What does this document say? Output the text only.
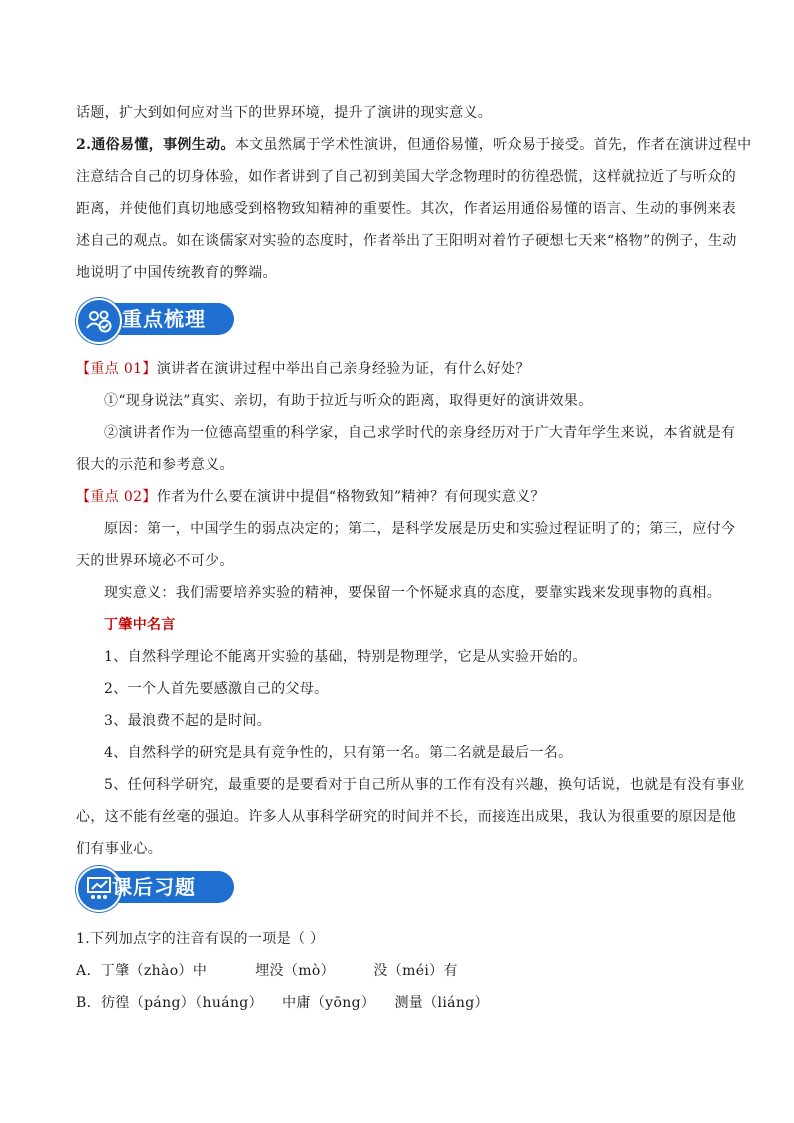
话题，扩大到如何应对当下的世界环境，提升了演讲的现实意义。
2.通俗易懂，事例生动。本文虽然属于学术性演讲，但通俗易懂，听众易于接受。首先，作者在演讲过程中
注意结合自己的切身体验，如作者讲到了自己初到美国大学念物理时的彷徨恐慌，这样就拉近了与听众的
距离，并使他们真切地感受到格物致知精神的重要性。其次，作者运用通俗易懂的语言、生动的事例来表
述自己的观点。如在谈儒家对实验的态度时，作者举出了王阳明对着竹子硬想七天来“格物”的例子，生动
地说明了中国传统教育的弊端。
重点梳理
【重点 01】演讲者在演讲过程中举出自己亲身经验为证，有什么好处？
①“现身说法”真实、亲切，有助于拉近与听众的距离，取得更好的演讲效果。
②演讲者作为一位德高望重的科学家，自己求学时代的亲身经历对于广大青年学生来说，本省就是有
很大的示范和参考意义。
【重点 02】作者为什么要在演讲中提倡“格物致知”精神？有何现实意义？
原因：第一，中国学生的弱点决定的；第二，是科学发展是历史和实验过程证明了的；第三，应付今
天的世界环境必不可少。
现实意义：我们需要培养实验的精神，要保留一个怀疑求真的态度，要靠实践来发现事物的真相。
丁肇中名言
1、自然科学理论不能离开实验的基础，特别是物理学，它是从实验开始的。
2、一个人首先要感激自己的父母。
3、最浪费不起的是时间。
4、自然科学的研究是具有竞争性的，只有第一名。第二名就是最后一名。
5、任何科学研究，最重要的是要看对于自己所从事的工作有没有兴趣，换句话说，也就是有没有事业
心，这不能有丝毫的强迫。许多人从事科学研究的时间并不长，而接连出成果，我认为很重要的原因是他
们有事业心。
课后习题
1.下列加点字的注音有误的一项是（ ）
A.  丁肇（zhào）中          埋没（mò）        没（méi）有
B.  彷徨（páng）（huáng）    中庸（yōng）    测量（liáng）
